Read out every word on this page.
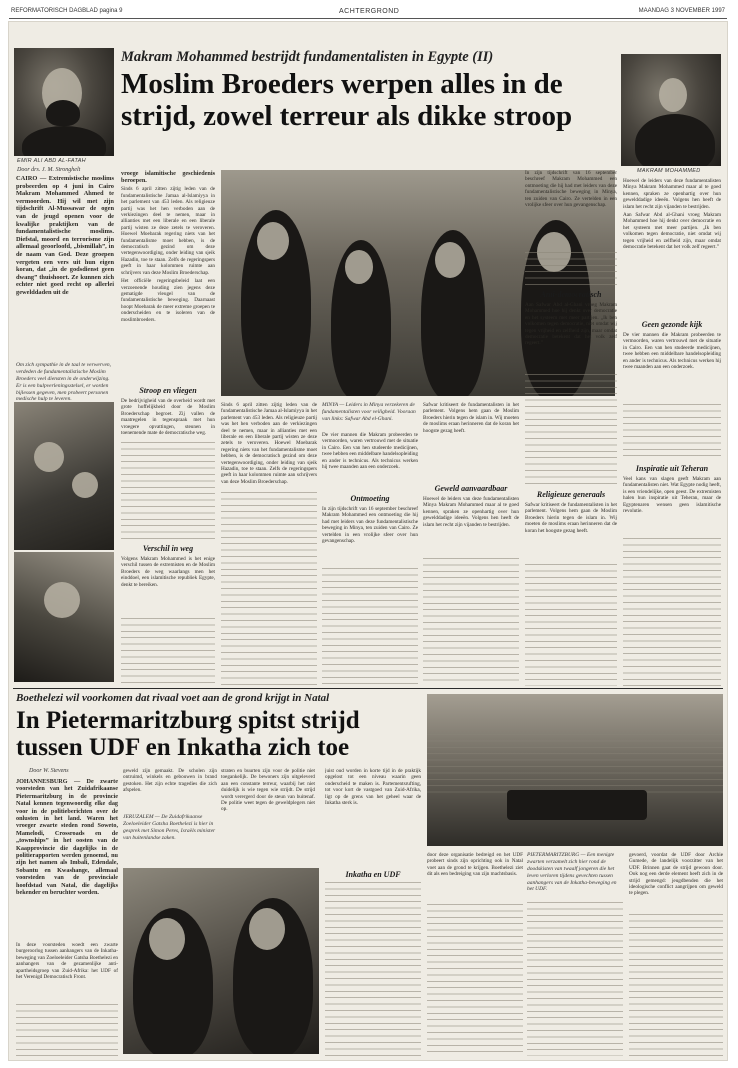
REFORMATORISCH DAGBLAD pagina 9	ACHTERGROND	MAANDAG 3 NOVEMBER 1997
EMIR ALI ABD AL-FATAH
Makram Mohammed bestrijdt fundamentalisten in Egypte (II)
Moslim Broeders werpen alles in de
strijd, zowel terreur als dikke stroop
MAKRAM MOHAMMED
Door drs. J. M. Stronghelt
CAIRO — Extremistische moslims probeerden op 4 juni in Cairo Makram Mohammed Ahmed te vermoorden. Hij wil met zijn tijdschrift Al-Mussawar de ogen van de jeugd openen voor de kwalijke praktijken van de fundamentalistische moslims. Diefstal, moord en terrorisme zijn allemaal geoorloofd, „bismillah”, in de naam van God. Deze groepen vergeten een vers uit hun eigen koran, dat „in de godsdienst geen dwang” thuishoort. Ze kunnen zich echter niet goed recht op allerlei gewelddaden uit de
Om zich sympathie in de taal te verwerven, verdeden de fundamentalistische Moslim Broeders veel diensten in de onderwijzing. Er is een hulpverleningsstelsel, er worden bijlessen gegeven, men probeert personen medische hulp te leveren.

vroege islamitische geschiedenis beroepen.

Sinds 6 april zitten zijtig leden van de fundamentalistische Jamaa al-Islamiyya in het parlement van 453 leden. Als religieuze partij was het hen verboden aan de verkiezingen deel te nemen, maar in allianties met een liberale en een liberale partij wisten ze deze zetels te veroveren. Hoewel Moebarak regering niets van het fundamentalisme moet hebben, is de democratisch gezind om deze vertegenwoordiging, onder leiding van sjeik Hazadin, toe te staan. Zelfs de regeringspers geeft in haar kolommen ruimte aan schrijvers van deze Moslim Broederschap.

Het officiële regeringsbeleid laat een verzoenende houding zien jegens deze gematigde vleugel van de fundamentalistische beweging. Daarnaast hoopt Moebarak de meer extreme groepen te onderscheiden en te isoleren van de moslimbroeders.

Stroop en vliegen

De bedrijvigheid van de overheid wordt met grote hoffelijkheid door de Moslim Broederschap begroet. Zij vallen de maatregelen in tegenspraak met hun vroegere opvattingen, steunen in toenemende mate de democratische weg.

Verschil in weg

Volgens Makram Mohammed is het enige verschil tussen de extremisten en de Moslim Broeders de weg waarlangs men het einddoel, een islamitische republiek Egypte, denkt te bereiken.

Sinds 6 april zitten zijtig leden van de fundamentalistische Jamaa al-Islamiyya in het parlement van 453 leden. Als religieuze partij was het hen verboden aan de verkiezingen deel te nemen, maar in allianties met een liberale en een liberale partij wisten ze deze zetels te veroveren. Hoewel Moebarak regering niets van het fundamentalisme moet hebben, is de democratisch gezind om deze vertegenwoordiging, onder leiding van sjeik Hazadin, toe te staan. Zelfs de regeringspers geeft in haar kolommen ruimte aan schrijvers van deze Moslim Broederschap.

MINYA — Leiders in Minya verzekeren de fundamentalisten voor veiligheid. Vooraan van links: Safwar Abd el-Ghani.

De vier mannen die Makram probeerden te vermoorden, waren vertrouwd met de situatie in Cairo. Een van hen studeerde medicijnen, twee hebben een middelbare handelsopleiding en ander is technicus. Als technicus werken hij twee maanden aan een onderzoek.

Ontmoeting

In zijn tijdschrift van 16 september beschreef Makram Mohammed een ontmoeting die hij had met leiders van deze fundamentalistische beweging in Minya, ten zuiden van Cairo. Ze vertelden in een vrolijke sfeer over hun gevangenschap.

Safwar kritiseert de fundamentalisten in het parlement. Volgens hem gaan de Moslim Broeders hierin tegen de islam in. Wij moeten de moslims eraan herinneren dat de koran het hoogste gezag heeft.

Geweld aanvaardbaar

Hoewel de leiders van deze fundamentalisten Minya Makram Mohammed maar al te goed kennen, spraken ze openhartig over hun gewelddadige ideeën. Volgens hen heeft de islam het recht zijn vijanden te bestrijden.

In zijn tijdschrift van 16 september beschreef Makram Mohammed een ontmoeting die hij had met leiders van deze fundamentalistische beweging in Minya, ten zuiden van Cairo. Ze vertelden in een vrolijke sfeer over hun gevangenschap.

Anti-democratisch

Aan Safwar Abd al-Ghani vroeg Makram Mohammed hoe hij denkt over democratie en het systeem met meer partijen. „Ik ben volkomen tegen democratie, niet omdat wij tegen vrijheid en zelfheid zijn, maar omdat democratie betekent dat het volk zelf regeert.”

Religieuze generaals

Safwar kritiseert de fundamentalisten in het parlement. Volgens hem gaan de Moslim Broeders hierin tegen de islam in. Wij moeten de moslims eraan herinneren dat de koran het hoogste gezag heeft.

Hoewel de leiders van deze fundamentalisten Minya Makram Mohammed maar al te goed kennen, spraken ze openhartig over hun gewelddadige ideeën. Volgens hen heeft de islam het recht zijn vijanden te bestrijden.

Aan Safwar Abd al-Ghani vroeg Makram Mohammed hoe hij denkt over democratie en het systeem met meer partijen. „Ik ben volkomen tegen democratie, niet omdat wij tegen vrijheid en zelfheid zijn, maar omdat democratie betekent dat het volk zelf regeert.”

Geen gezonde kijk

De vier mannen die Makram probeerden te vermoorden, waren vertrouwd met de situatie in Cairo. Een van hen studeerde medicijnen, twee hebben een middelbare handelsopleiding en ander is technicus. Als technicus werken hij twee maanden aan een onderzoek.

Inspiratie uit Teheran

Veel kans van slagen geeft Makram aan fundamentalisten niet. Wat Egypte nodig heeft, is een vriendelijke, open geest. De extremisten halen hun inspiratie uit Teheran, maar de Egyptenaren wensen geen islamitische revolutie.

Boethelezi wil voorkomen dat rivaal voet aan de grond krijgt in Natal
In Pietermaritzburg spitst strijd
tussen UDF en Inkatha zich toe
Door W. Stevens
JOHANNESBURG — De zwarte voorsteden van het Zuidafrikaanse Pietermaritzburg in de provincie Natal kennen tegenwoordig elke dag voor in de politieberichten over de onlusten in het land. Waren het vroeger zwarte steden rond Soweto, Mamelodi, Crossroads en de „townships” in het oosten van de Kaapprovincie die dagelijks in de politierapporten werden genoemd, nu zijn het namen als Imbali, Edendale, Sobantu en Kwashange, allemaal voorsteden van de provinciale hoofdstad van Natal, die dagelijks bekender en beruchter worden.

In deze voorsteden woedt een zwarte burgeroorlog tussen aanhangers van de Inkatha-beweging van Zoeloeleider Gatsha Boethelezi en aanhangers van de gezamenlijke anti-apartheidsgroep van Zuid-Afrika: het UDF of het Verenigd Democratisch Front.

geweld zijn gemaakt. De scholen zijn ontruimd, winkels en gebouwen in brand gestoken. Het zijn echte tragedies die zich afspelen.

JERUZALEM — De Zuidafrikaanse Zoeloeleider Gatsha Boethelezi is hier in gesprek met Simon Peres, Israëls minister van buitenlandse zaken.

straten en buurten zijn voor de politie niet toegankelijk. De bewoners zijn uitgeleverd aan een constante terreur, waarbij het niet duidelijk is wie tegen wie strijdt. De strijd wordt verergerd door de steun van buitenaf. De politie weet tegen de geweldplegers niet op.

juist oud worden in korte tijd in de praktijk opgelost tot een niveau waarin geen onderscheid te maken is. Partementsrufting, tot voor kort de vastgoed van Zuid-Afrika, ligt op de grens van het geheel waar de Inkatha sterk is.

Inkatha en UDF

door deze organisatie bedreigd en het UDF probeert sinds zijn oprichting ook in Natal voet aan de grond te krijgen. Boethelezi ziet dit als een bedreiging van zijn machtsbasis.

PIETERMARITZBURG — Een menigte zwarten verzamelt zich hier rond de doodskisten van twaalf jongeren die het leven verloren tijdens gevechten tussen aanhangers van de Inkatha-beweging en het UDF.

gevoerd, voordat de UDF door Archie Gumede, de landelijk voorzitter van het UDF. Brinnen gaat de strijd gewoon door. Ook nog een derde element heeft zich in de strijd gemengd: jeugdbenden die het ideologische conflict aangrijpen om geweld te plegen.
